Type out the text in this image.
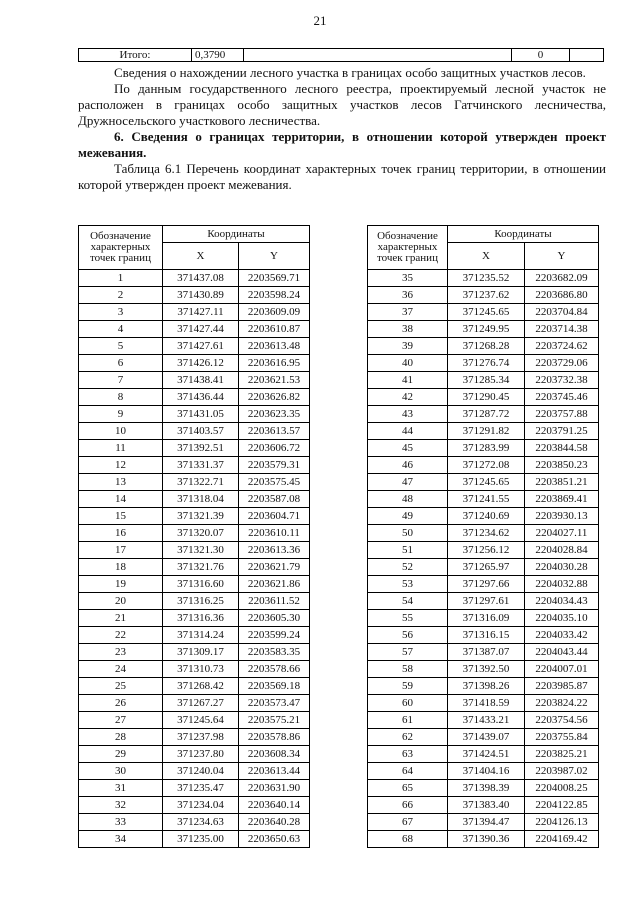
21
Итого:	0,3790		0	

Сведения о нахождении лесного участка в границах особо защитных участков лесов.

По данным государственного лесного реестра, проектируемый лесной участок не расположен в границах особо защитных участков лесов Гатчинского лесничества, Дружносельского участкового лесничества.

6. Сведения о границах территории, в отношении которой утвержден проект межевания.

Таблица 6.1 Перечень координат характерных точек границ территории, в отношении которой утвержден проект межевания.

Обозначение характерных точек границ	Координаты	
	X	Y
1	371437.08	2203569.71
2	371430.89	2203598.24
3	371427.11	2203609.09
4	371427.44	2203610.87
5	371427.61	2203613.48
6	371426.12	2203616.95
7	371438.41	2203621.53
8	371436.44	2203626.82
9	371431.05	2203623.35
10	371403.57	2203613.57
11	371392.51	2203606.72
12	371331.37	2203579.31
13	371322.71	2203575.45
14	371318.04	2203587.08
15	371321.39	2203604.71
16	371320.07	2203610.11
17	371321.30	2203613.36
18	371321.76	2203621.79
19	371316.60	2203621.86
20	371316.25	2203611.52
21	371316.36	2203605.30
22	371314.24	2203599.24
23	371309.17	2203583.35
24	371310.73	2203578.66
25	371268.42	2203569.18
26	371267.27	2203573.47
27	371245.64	2203575.21
28	371237.98	2203578.86
29	371237.80	2203608.34
30	371240.04	2203613.44
31	371235.47	2203631.90
32	371234.04	2203640.14
33	371234.63	2203640.28
34	371235.00	2203650.63
Обозначение характерных точек границ	Координаты	
	X	Y
35	371235.52	2203682.09
36	371237.62	2203686.80
37	371245.65	2203704.84
38	371249.95	2203714.38
39	371268.28	2203724.62
40	371276.74	2203729.06
41	371285.34	2203732.38
42	371290.45	2203745.46
43	371287.72	2203757.88
44	371291.82	2203791.25
45	371283.99	2203844.58
46	371272.08	2203850.23
47	371245.65	2203851.21
48	371241.55	2203869.41
49	371240.69	2203930.13
50	371234.62	2204027.11
51	371256.12	2204028.84
52	371265.97	2204030.28
53	371297.66	2204032.88
54	371297.61	2204034.43
55	371316.09	2204035.10
56	371316.15	2204033.42
57	371387.07	2204043.44
58	371392.50	2204007.01
59	371398.26	2203985.87
60	371418.59	2203824.22
61	371433.21	2203754.56
62	371439.07	2203755.84
63	371424.51	2203825.21
64	371404.16	2203987.02
65	371398.39	2204008.25
66	371383.40	2204122.85
67	371394.47	2204126.13
68	371390.36	2204169.42
